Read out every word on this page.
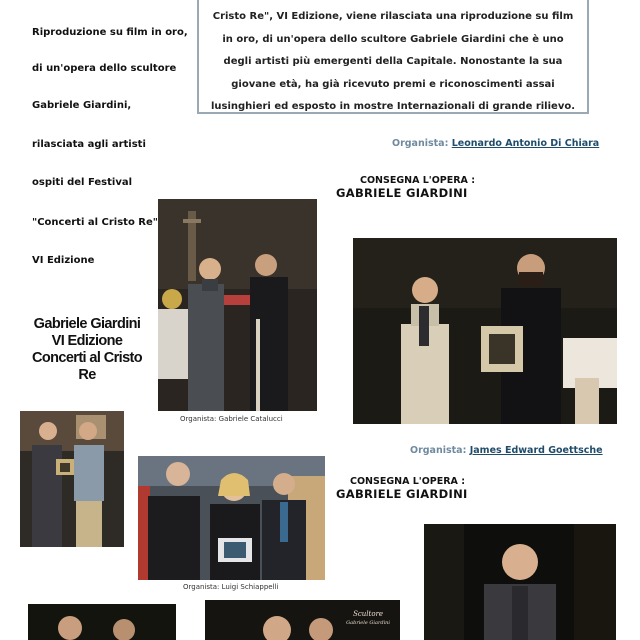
Riproduzione su film in oro,
di un'opera dello scultore
Gabriele Giardini,
rilasciata agli artisti
ospiti del Festival
"Concerti al Cristo Re"
VI Edizione

Cristo Re", VI Edizione, viene rilasciata una riproduzione su film in oro, di un'opera dello scultore Gabriele Giardini che è uno degli artisti più emergenti della Capitale. Nonostante la sua giovane età, ha già ricevuto premi e riconoscimenti assai lusinghieri ed esposto in mostre Internazionali di grande rilievo.

Organista: Leonardo Antonio Di Chiara
CONSEGNA L'OPERA :
GABRIELE GIARDINI
Gabriele Giardini
VI Edizione
Concerti al Cristo Re
Organista: Gabriele Catalucci
Organista: James Edward Goettsche
CONSEGNA L'OPERA :
GABRIELE GIARDINI
Organista: Luigi Schiappelli
Scultore
Gabriele Giardini
